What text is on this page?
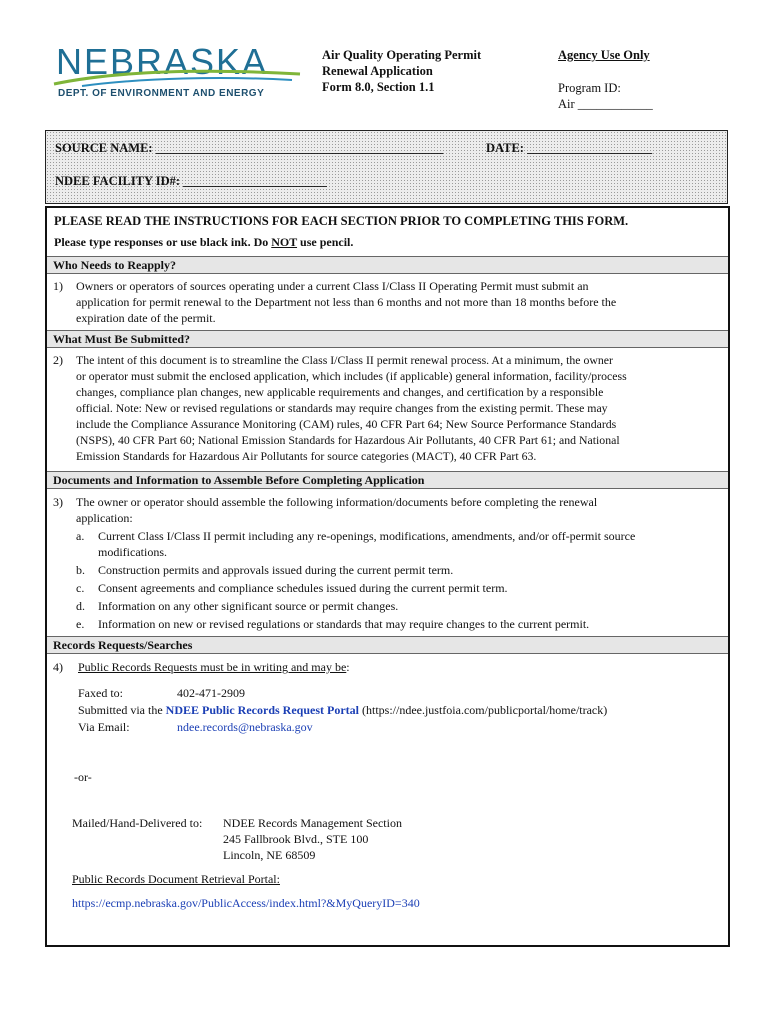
NEBRASKA
DEPT. OF ENVIRONMENT AND ENERGY
Air Quality Operating Permit
Renewal Application
Form 8.0, Section 1.1
Agency Use Only
Program ID:
Air ____________
SOURCE NAME: ______________________________________________	DATE: ____________________
NDEE FACILITY ID#: _______________________
PLEASE READ THE INSTRUCTIONS FOR EACH SECTION PRIOR TO COMPLETING THIS FORM.
Please type responses or use black ink. Do NOT use pencil.
Who Needs to Reapply?
1) Owners or operators of sources operating under a current Class I/Class II Operating Permit must submit an
application for permit renewal to the Department not less than 6 months and not more than 18 months before the
expiration date of the permit.
What Must Be Submitted?
2) The intent of this document is to streamline the Class I/Class II permit renewal process. At a minimum, the owner
or operator must submit the enclosed application, which includes (if applicable) general information, facility/process
changes, compliance plan changes, new applicable requirements and changes, and certification by a responsible
official. Note: New or revised regulations or standards may require changes from the existing permit. These may
include the Compliance Assurance Monitoring (CAM) rules, 40 CFR Part 64; New Source Performance Standards
(NSPS), 40 CFR Part 60; National Emission Standards for Hazardous Air Pollutants, 40 CFR Part 61; and National
Emission Standards for Hazardous Air Pollutants for source categories (MACT), 40 CFR Part 63.
Documents and Information to Assemble Before Completing Application
3) The owner or operator should assemble the following information/documents before completing the renewal
application:
a. Current Class I/Class II permit including any re-openings, modifications, amendments, and/or off-permit source
modifications.
b. Construction permits and approvals issued during the current permit term.
c. Consent agreements and compliance schedules issued during the current permit term.
d. Information on any other significant source or permit changes.
e. Information on new or revised regulations or standards that may require changes to the current permit.
Records Requests/Searches
4) Public Records Requests must be in writing and may be:
Faxed to:	402-471-2909
Submitted via the NDEE Public Records Request Portal (https://ndee.justfoia.com/publicportal/home/track)
Via Email:	ndee.records@nebraska.gov
-or-
Mailed/Hand-Delivered to: NDEE Records Management Section
245 Fallbrook Blvd., STE 100
Lincoln, NE 68509
Public Records Document Retrieval Portal:
https://ecmp.nebraska.gov/PublicAccess/index.html?&MyQueryID=340
